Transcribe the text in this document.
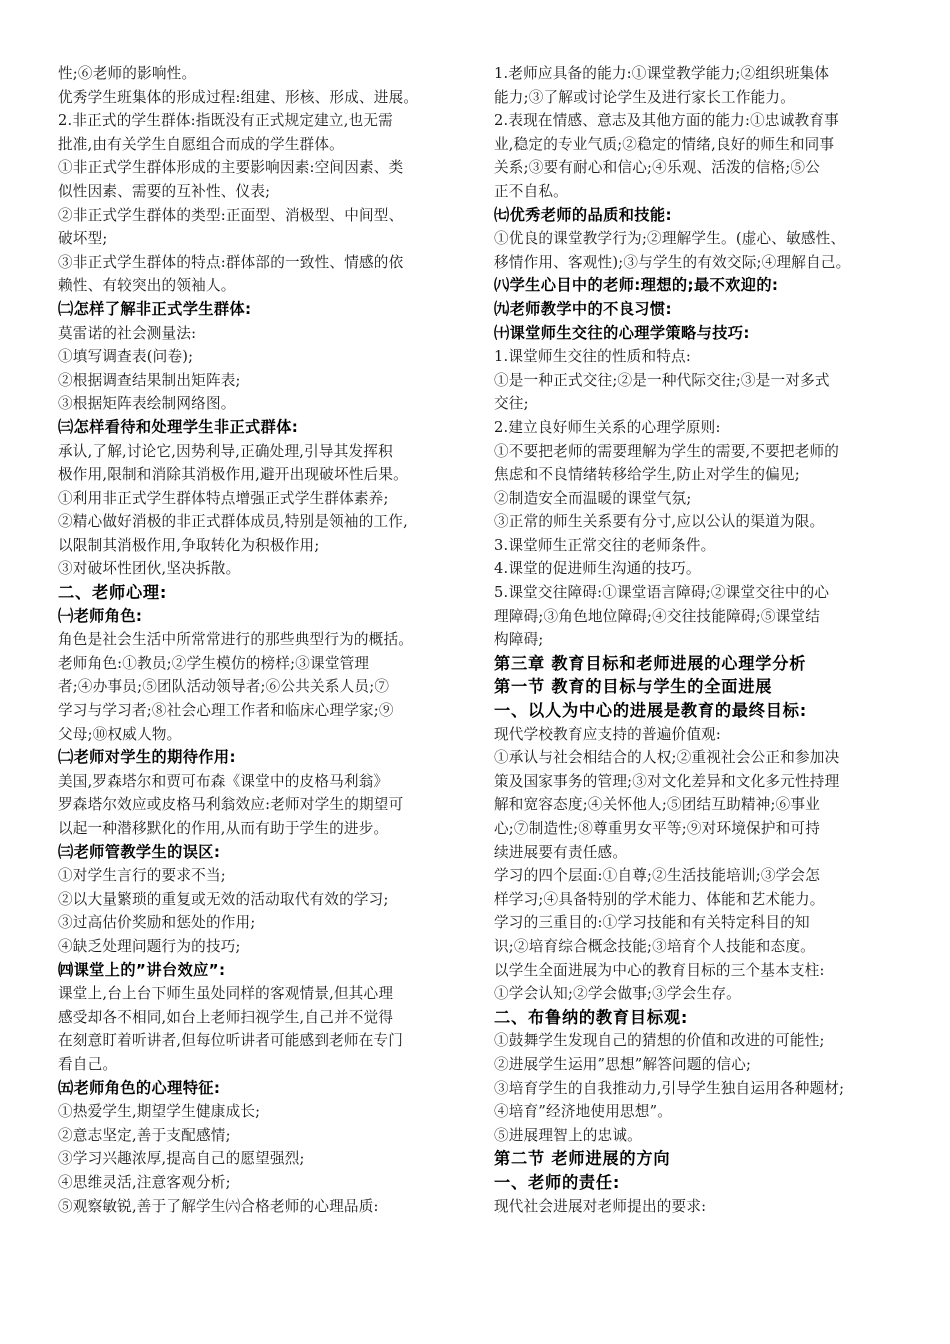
性;⑥老师的影响性。
优秀学生班集体的形成过程:组建、形核、形成、进展。
2.非正式的学生群体:指既没有正式规定建立,也无需
批准,由有关学生自愿组合而成的学生群体。
①非正式学生群体形成的主要影响因素:空间因素、类
似性因素、需要的互补性、仪表;
②非正式学生群体的类型:正面型、消极型、中间型、
破坏型;
③非正式学生群体的特点:群体部的一致性、情感的依
赖性、有较突出的领袖人。
㈡怎样了解非正式学生群体:
莫雷诺的社会测量法:
①填写调查表(问卷);
②根据调查结果制出矩阵表;
③根据矩阵表绘制网络图。
㈢怎样看待和处理学生非正式群体:
承认,了解,讨论它,因势利导,正确处理,引导其发挥积
极作用,限制和消除其消极作用,避开出现破坏性后果。
①利用非正式学生群体特点增强正式学生群体素养;
②精心做好消极的非正式群体成员,特别是领袖的工作,
以限制其消极作用,争取转化为积极作用;
③对破坏性团伙,坚决拆散。
二、老师心理:
㈠老师角色:
角色是社会生活中所常常进行的那些典型行为的概括。
老师角色:①教员;②学生模仿的榜样;③课堂管理
者;④办事员;⑤团队活动领导者;⑥公共关系人员;⑦
学习与学习者;⑧社会心理工作者和临床心理学家;⑨
父母;⑩权威人物。
㈡老师对学生的期待作用:
美国,罗森塔尔和贾可布森《课堂中的皮格马利翁》
罗森塔尔效应或皮格马利翁效应:老师对学生的期望可
以起一种潜移默化的作用,从而有助于学生的进步。
㈢老师管教学生的误区:
①对学生言行的要求不当;
②以大量繁琐的重复或无效的活动取代有效的学习;
③过高估价奖励和惩处的作用;
④缺乏处理问题行为的技巧;
㈣课堂上的”讲台效应”:
课堂上,台上台下师生虽处同样的客观情景,但其心理
感受却各不相同,如台上老师扫视学生,自己并不觉得
在刻意盯着听讲者,但每位听讲者可能感到老师在专门
看自己。
㈤老师角色的心理特征:
①热爱学生,期望学生健康成长;
②意志坚定,善于支配感情;
③学习兴趣浓厚,提高自己的愿望强烈;
④思维灵活,注意客观分析;
⑤观察敏锐,善于了解学生㈥合格老师的心理品质:
1.老师应具备的能力:①课堂教学能力;②组织班集体
能力;③了解或讨论学生及进行家长工作能力。
2.表现在情感、意志及其他方面的能力:①忠诚教育事
业,稳定的专业气质;②稳定的情绪,良好的师生和同事
关系;③要有耐心和信心;④乐观、活泼的信格;⑤公
正不自私。
㈦优秀老师的品质和技能:
①优良的课堂教学行为;②理解学生。(虚心、敏感性、
移情作用、客观性);③与学生的有效交际;④理解自己。
㈧学生心目中的老师:理想的;最不欢迎的:
㈨老师教学中的不良习惯:
㈩课堂师生交往的心理学策略与技巧:
1.课堂师生交往的性质和特点:
①是一种正式交往;②是一种代际交往;③是一对多式
交往;
2.建立良好师生关系的心理学原则:
①不要把老师的需要理解为学生的需要,不要把老师的
焦虑和不良情绪转移给学生,防止对学生的偏见;
②制造安全而温暖的课堂气氛;
③正常的师生关系要有分寸,应以公认的渠道为限。
3.课堂师生正常交往的老师条件。
4.课堂的促进师生沟通的技巧。
5.课堂交往障碍:①课堂语言障碍;②课堂交往中的心
理障碍;③角色地位障碍;④交往技能障碍;⑤课堂结
构障碍;
第三章 教育目标和老师进展的心理学分析
第一节 教育的目标与学生的全面进展
一、以人为中心的进展是教育的最终目标:
现代学校教育应支持的普遍价值观:
①承认与社会相结合的人权;②重视社会公正和参加决
策及国家事务的管理;③对文化差异和文化多元性持理
解和宽容态度;④关怀他人;⑤团结互助精神;⑥事业
心;⑦制造性;⑧尊重男女平等;⑨对环境保护和可持
续进展要有责任感。
学习的四个层面:①自尊;②生活技能培训;③学会怎
样学习;④具备特别的学术能力、体能和艺术能力。
学习的三重目的:①学习技能和有关特定科目的知
识;②培育综合概念技能;③培育个人技能和态度。
以学生全面进展为中心的教育目标的三个基本支柱:
①学会认知;②学会做事;③学会生存。
二、布鲁纳的教育目标观:
①鼓舞学生发现自己的猜想的价值和改进的可能性;
②进展学生运用”思想”解答问题的信心;
③培育学生的自我推动力,引导学生独自运用各种题材;
④培育”经济地使用思想”。
⑤进展理智上的忠诚。
第二节 老师进展的方向
一、老师的责任:
现代社会进展对老师提出的要求:
